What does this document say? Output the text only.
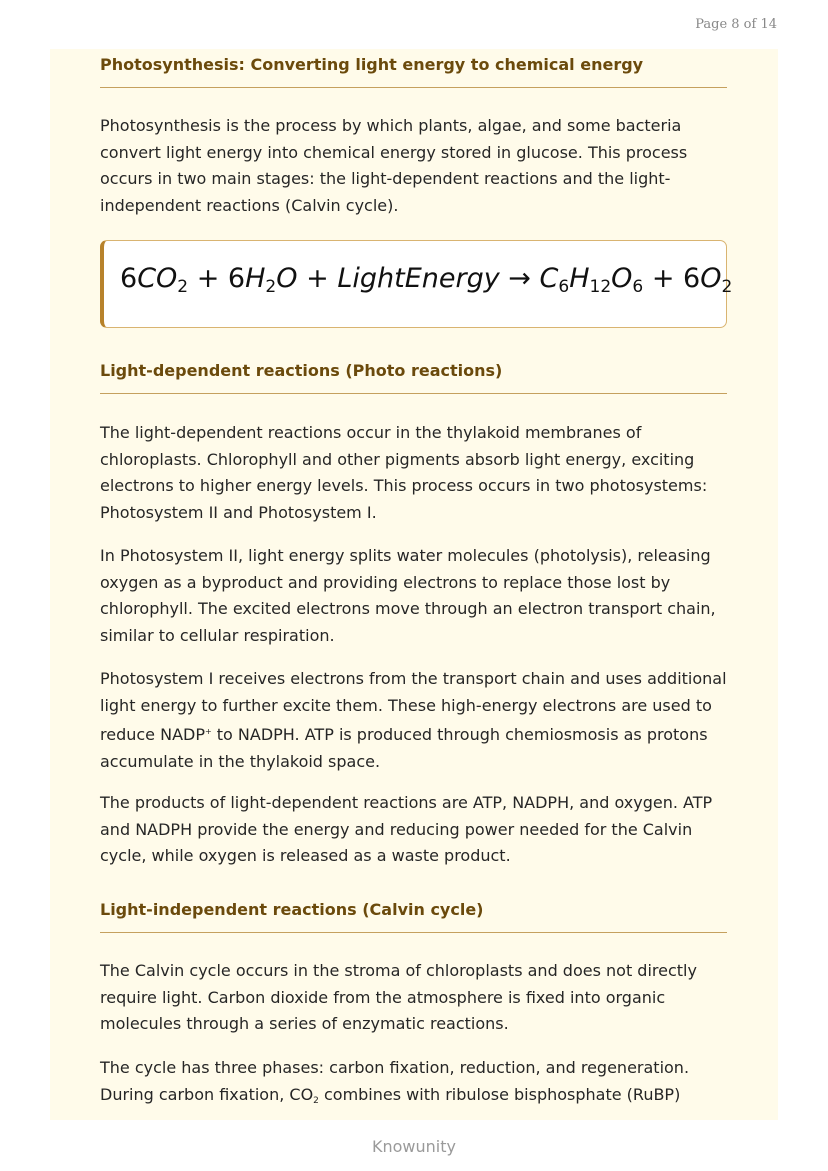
Page 8 of 14
Photosynthesis: Converting light energy to chemical energy

Photosynthesis is the process by which plants, algae, and some bacteria convert light energy into chemical energy stored in glucose. This process occurs in two main stages: the light-dependent reactions and the light-independent reactions (Calvin cycle).

$6CO_2 + 6H_2O$ + LightEnergy → $C_6H_{12}O_6 + 6O_2$
Light-dependent reactions (Photo reactions)

The light-dependent reactions occur in the thylakoid membranes of chloroplasts. Chlorophyll and other pigments absorb light energy, exciting electrons to higher energy levels. This process occurs in two photosystems: Photosystem II and Photosystem I.

In Photosystem II, light energy splits water molecules (photolysis), releasing oxygen as a byproduct and providing electrons to replace those lost by chlorophyll. The excited electrons move through an electron transport chain, similar to cellular respiration.

Photosystem I receives electrons from the transport chain and uses additional light energy to further excite them. These high-energy electrons are used to reduce NADP+ to NADPH. ATP is produced through chemiosmosis as protons accumulate in the thylakoid space.

The products of light-dependent reactions are ATP, NADPH, and oxygen. ATP and NADPH provide the energy and reducing power needed for the Calvin cycle, while oxygen is released as a waste product.

Light-independent reactions (Calvin cycle)

The Calvin cycle occurs in the stroma of chloroplasts and does not directly require light. Carbon dioxide from the atmosphere is fixed into organic molecules through a series of enzymatic reactions.

The cycle has three phases: carbon fixation, reduction, and regeneration. During carbon fixation, $CO_2$ combines with ribulose bisphosphate (RuBP)

Knowunity
